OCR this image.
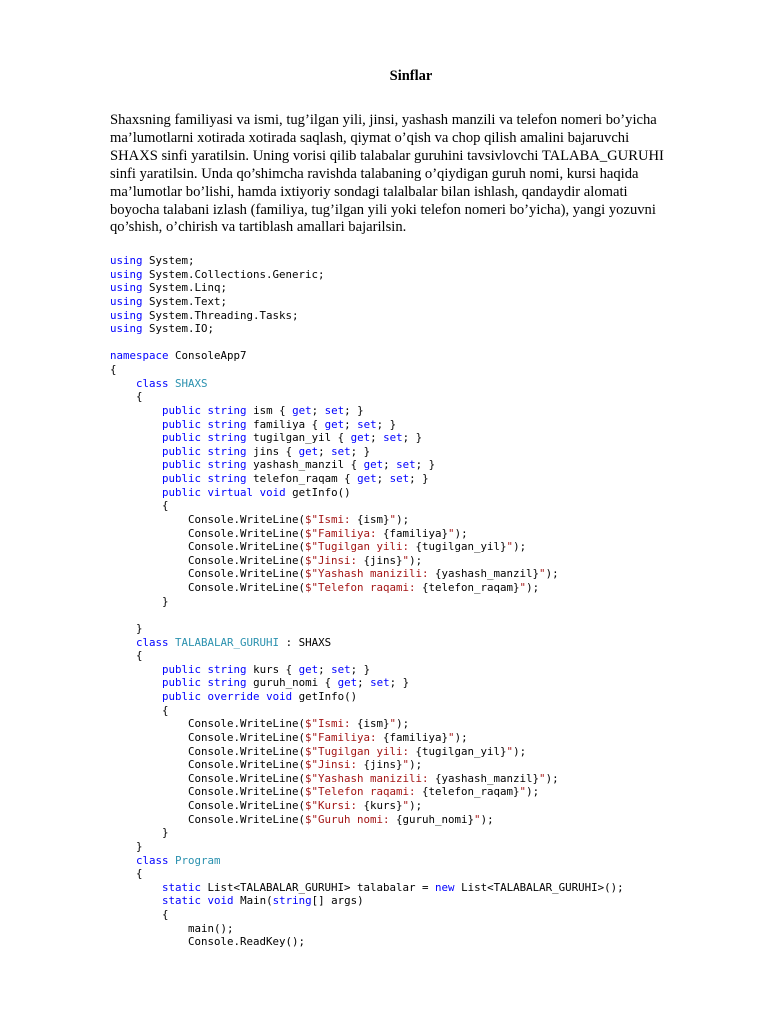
Sinflar
Shaxsning familiyasi va ismi, tug’ilgan yili, jinsi, yashash manzili va telefon nomeri bo’yicha
ma’lumotlarni xotirada xotirada saqlash, qiymat o’qish va chop qilish amalini bajaruvchi
SHAXS sinfi yaratilsin. Uning vorisi qilib talabalar guruhini tavsivlovchi TALABA_GURUHI
sinfi yaratilsin. Unda qo’shimcha ravishda talabaning o’qiydigan guruh nomi, kursi haqida
ma’lumotlar bo’lishi, hamda ixtiyoriy sondagi talalbalar bilan ishlash, qandaydir alomati
boyocha talabani izlash (familiya, tug’ilgan yili yoki telefon nomeri bo’yicha), yangi yozuvni
qo’shish, o’chirish va tartiblash amallari bajarilsin.
using System;
using System.Collections.Generic;
using System.Linq;
using System.Text;
using System.Threading.Tasks;
using System.IO;
namespace ConsoleApp7
{
class SHAXS
{
public string ism { get; set; }
public string familiya { get; set; }
public string tugilgan_yil { get; set; }
public string jins { get; set; }
public string yashash_manzil { get; set; }
public string telefon_raqam { get; set; }
public virtual void getInfo()
{
Console.WriteLine($"Ismi: {ism}");
Console.WriteLine($"Familiya: {familiya}");
Console.WriteLine($"Tugilgan yili: {tugilgan_yil}");
Console.WriteLine($"Jinsi: {jins}");
Console.WriteLine($"Yashash manizili: {yashash_manzil}");
Console.WriteLine($"Telefon raqami: {telefon_raqam}");
}
}
class TALABALAR_GURUHI : SHAXS
{
public string kurs { get; set; }
public string guruh_nomi { get; set; }
public override void getInfo()
{
Console.WriteLine($"Ismi: {ism}");
Console.WriteLine($"Familiya: {familiya}");
Console.WriteLine($"Tugilgan yili: {tugilgan_yil}");
Console.WriteLine($"Jinsi: {jins}");
Console.WriteLine($"Yashash manizili: {yashash_manzil}");
Console.WriteLine($"Telefon raqami: {telefon_raqam}");
Console.WriteLine($"Kursi: {kurs}");
Console.WriteLine($"Guruh nomi: {guruh_nomi}");
}
}
class Program
{
static List<TALABALAR_GURUHI> talabalar = new List<TALABALAR_GURUHI>();
static void Main(string[] args)
{
main();
Console.ReadKey();
